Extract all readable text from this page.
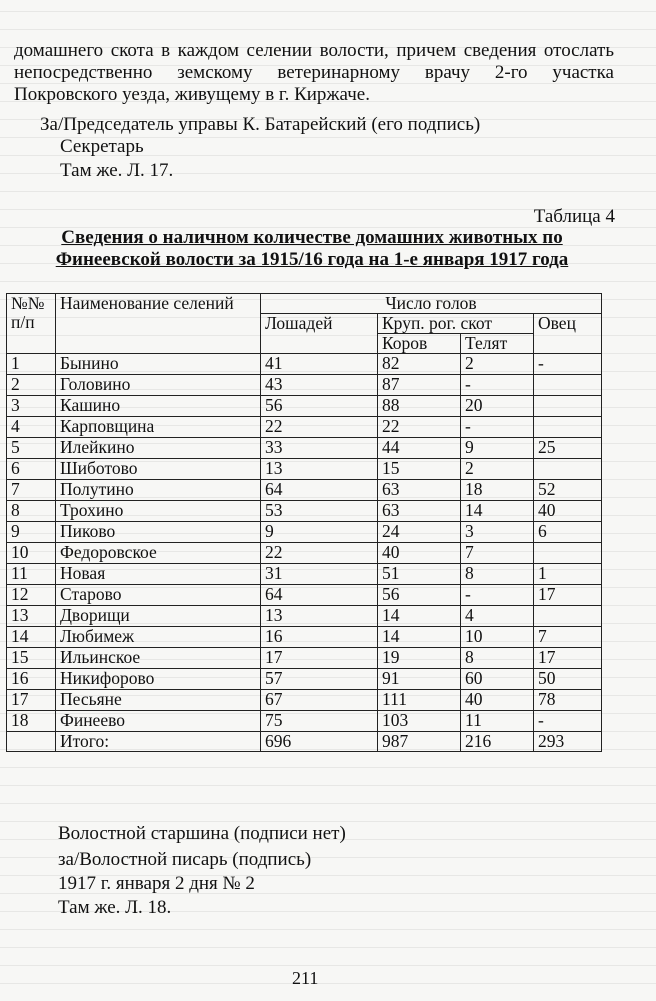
домашнего скота в каждом селении волости, причем сведения отослать непосредственно земскому ветеринарному врачу 2-го участка Покровского уезда, живущему в г. Киржаче.
За/Председатель управы К. Батарейский (его подпись)
Секретарь
Там же. Л. 17.
Таблица 4
Сведения о наличном количестве домашних животных по Финеевской волости за 1915/16 года на 1-е января 1917 года
№№ п/п	Наименование селений	Число голов			
		Лошадей	Круп. рог. скот		Овец
			Коров	Телят	
1	Бынино	41	82	2	-
2	Головино	43	87	-	
3	Кашино	56	88	20	
4	Карповщина	22	22	-	
5	Илейкино	33	44	9	25
6	Шиботово	13	15	2	
7	Полутино	64	63	18	52
8	Трохино	53	63	14	40
9	Пиково	9	24	3	6
10	Федоровское	22	40	7	
11	Новая	31	51	8	1
12	Старово	64	56	-	17
13	Дворищи	13	14	4	
14	Любимеж	16	14	10	7
15	Ильинское	17	19	8	17
16	Никифорово	57	91	60	50
17	Песьяне	67	111	40	78
18	Финеево	75	103	11	-
	Итого:	696	987	216	293
Волостной старшина (подписи нет)
за/Волостной писарь (подпись)
1917 г. января 2 дня № 2
Там же. Л. 18.
211
